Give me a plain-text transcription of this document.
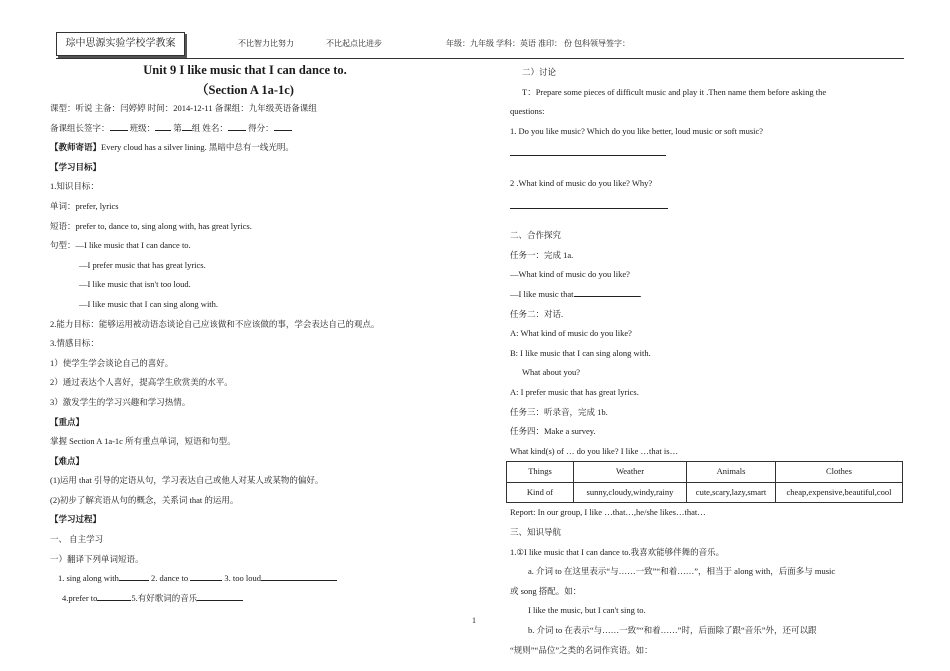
琮中思源实验学校学教案	不比智力比努力	不比起点比进步	年级：九年级 学科：英语 准印： 份 包科领导签字：
Unit 9 I like music that I can dance to.
（Section A 1a-1c)
课型：听说 主备：闫婷婷 时间：2014-12-11 备课组：九年级英语备课组
备课组长签字： 班级： 第 组 姓名： 得分：
【教师寄语】Every cloud has a silver lining. 黑暗中总有一线光明。
【学习目标】
1.知识目标：
单词：prefer, lyrics
短语：prefer to, dance to, sing along with, has great lyrics.
句型：—I like music that I can dance to.
—I prefer music that has great lyrics.
—I like music that isn't too loud.
—I like music that I can sing along with.
2.能力目标：能够运用被动语态谈论自己应该做和不应该做的事，学会表达自己的观点。
3.情感目标：
1）使学生学会谈论自己的喜好。
2）通过表达个人喜好，提高学生欣赏美的水平。
3）激发学生的学习兴趣和学习热情。
【重点】
掌握 Section A 1a-1c 所有重点单词，短语和句型。
【难点】
(1)运用 that 引导的定语从句，学习表达自己或他人对某人或某物的偏好。
(2)初步了解宾语从句的概念，关系词 that 的运用。
【学习过程】
一、 自主学习
一）翻译下列单词短语。
1. sing along with	2. dance to	3. too loud
4.prefer to	5.有好歌词的音乐
二）讨论
T：Prepare some pieces of difficult music and play it .Then name them before asking the
questions:
1. Do you like music? Which do you like better, loud music or soft music?
2 .What kind of music do you like? Why?
二、合作探究
任务一：完成 1a.
—What kind of music do you like?
—I like music that	.
任务二：对话.
A: What kind of music do you like?
B: I like music that I can sing along with.
What about you?
A: I prefer music that has great lyrics.
任务三：听录音，完成 1b.
任务四：Make a survey.
What kind(s) of … do you like? I like …that is…
Things	Weather	Animals	Clothes
Kind of	sunny,cloudy,windy,rainy	cute,scary,lazy,smart	cheap,expensive,beautiful,cool
Report: In our group, I like …that…,he/she likes…that…
三、知识导航
1.①I like music that I can dance to.我喜欢能够伴舞的音乐。
a. 介词 to 在这里表示“与……一致”“和着……”，相当于 along with，后面多与 music
或 song 搭配。如：
I like the music, but I can't sing to.
b. 介词 to 在表示“与……一致”“和着……”时，后面除了跟“音乐”外，还可以跟
“规则”“品位”之类的名词作宾语。如：
1
